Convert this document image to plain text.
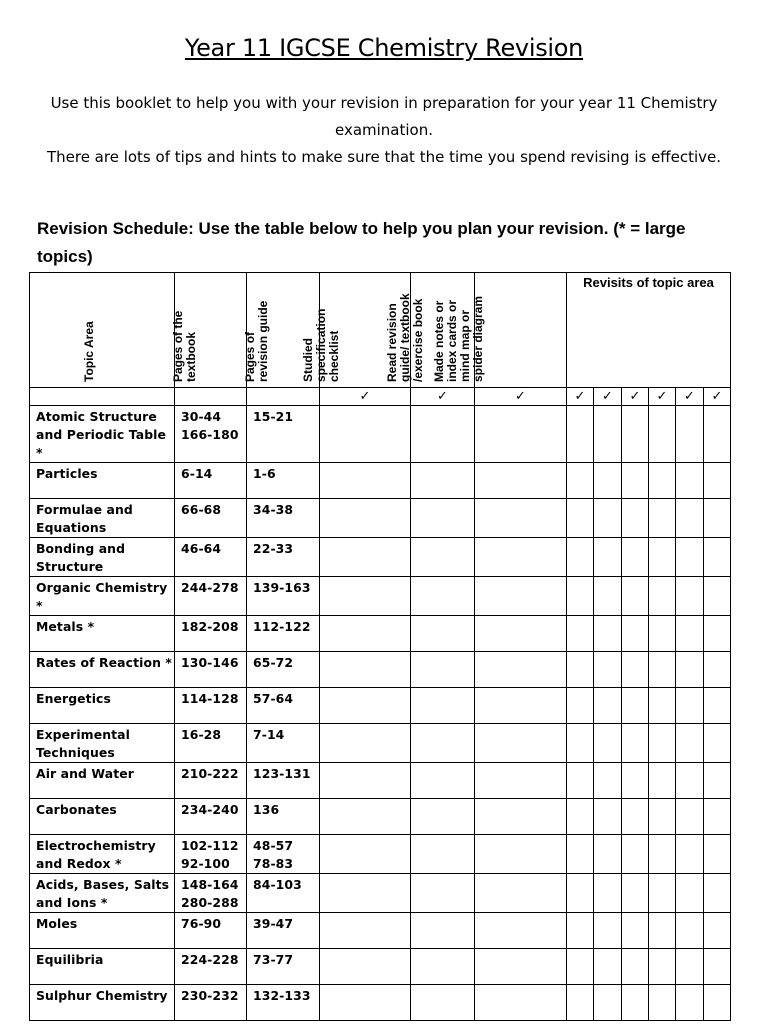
Year 11 IGCSE Chemistry Revision

Use this booklet to help you with your revision in preparation for your year 11 Chemistry examination.

There are lots of tips and hints to make sure that the time you spend revising is effective.

Revision Schedule: Use the table below to help you plan your revision. (* = large topics)
Topic Area	Pages of the textbook	Pages of revision guide	Studied specification checklist	Read revision guide/ textbook /exercise book	Made notes or index cards or mind map or spider diagram	Revisits of topic area					
			✓	✓	✓	✓	✓	✓	✓	✓	✓

Atomic Structure
and Periodic Table *	30-44
166-180	15-21									

Particles	6-14	1-6									

Formulae and
Equations	66-68	34-38									

Bonding and
Structure	46-64	22-33									

Organic Chemistry *	244-278	139-163									

Metals *	182-208	112-122									

Rates of Reaction *	130-146	65-72									

Energetics	114-128	57-64									

Experimental
Techniques	16-28	7-14									

Air and Water	210-222	123-131									

Carbonates	234-240	136									

Electrochemistry
and Redox *	102-112
92-100	48-57
78-83									

Acids, Bases, Salts
and Ions *	148-164
280-288	84-103									

Moles	76-90	39-47									

Equilibria	224-228	73-77									

Sulphur Chemistry	230-232	132-133									
